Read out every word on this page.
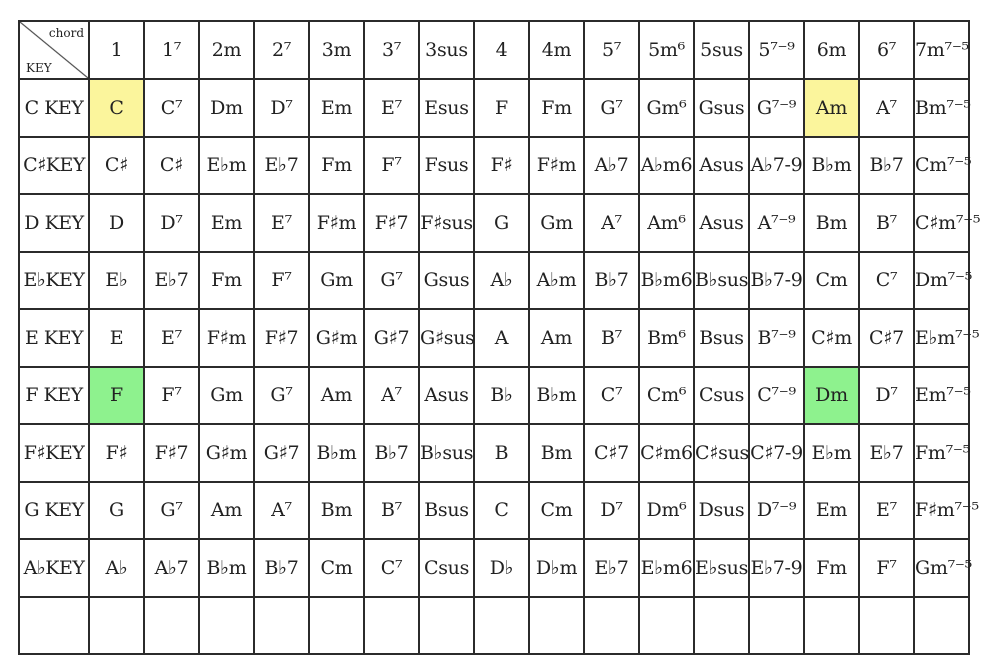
chord
KEY	1	1⁷	2m	2⁷	3m	3⁷	3sus	4	4m	5⁷	5m⁶	5sus	5⁷⁻⁹	6m	6⁷	7m⁷⁻⁵
C KEY	C	C⁷	Dm	D⁷	Em	E⁷	Esus	F	Fm	G⁷	Gm⁶	Gsus	G⁷⁻⁹	Am	A⁷	Bm⁷⁻⁵
C♯KEY	C♯	C♯	E♭m	E♭7	Fm	F⁷	Fsus	F♯	F♯m	A♭7	A♭m6	Asus	A♭7-9	B♭m	B♭7	Cm⁷⁻⁵
D KEY	D	D⁷	Em	E⁷	F♯m	F♯7	F♯sus	G	Gm	A⁷	Am⁶	Asus	A⁷⁻⁹	Bm	B⁷	C♯m⁷⁻⁵
E♭KEY	E♭	E♭7	Fm	F⁷	Gm	G⁷	Gsus	A♭	A♭m	B♭7	B♭m6	B♭sus	B♭7-9	Cm	C⁷	Dm⁷⁻⁵
E KEY	E	E⁷	F♯m	F♯7	G♯m	G♯7	G♯sus	A	Am	B⁷	Bm⁶	Bsus	B⁷⁻⁹	C♯m	C♯7	E♭m⁷⁻⁵
F KEY	F	F⁷	Gm	G⁷	Am	A⁷	Asus	B♭	B♭m	C⁷	Cm⁶	Csus	C⁷⁻⁹	Dm	D⁷	Em⁷⁻⁵
F♯KEY	F♯	F♯7	G♯m	G♯7	B♭m	B♭7	B♭sus	B	Bm	C♯7	C♯m6	C♯sus	C♯7-9	E♭m	E♭7	Fm⁷⁻⁵
G KEY	G	G⁷	Am	A⁷	Bm	B⁷	Bsus	C	Cm	D⁷	Dm⁶	Dsus	D⁷⁻⁹	Em	E⁷	F♯m⁷⁻⁵
A♭KEY	A♭	A♭7	B♭m	B♭7	Cm	C⁷	Csus	D♭	D♭m	E♭7	E♭m6	E♭sus	E♭7-9	Fm	F⁷	Gm⁷⁻⁵
